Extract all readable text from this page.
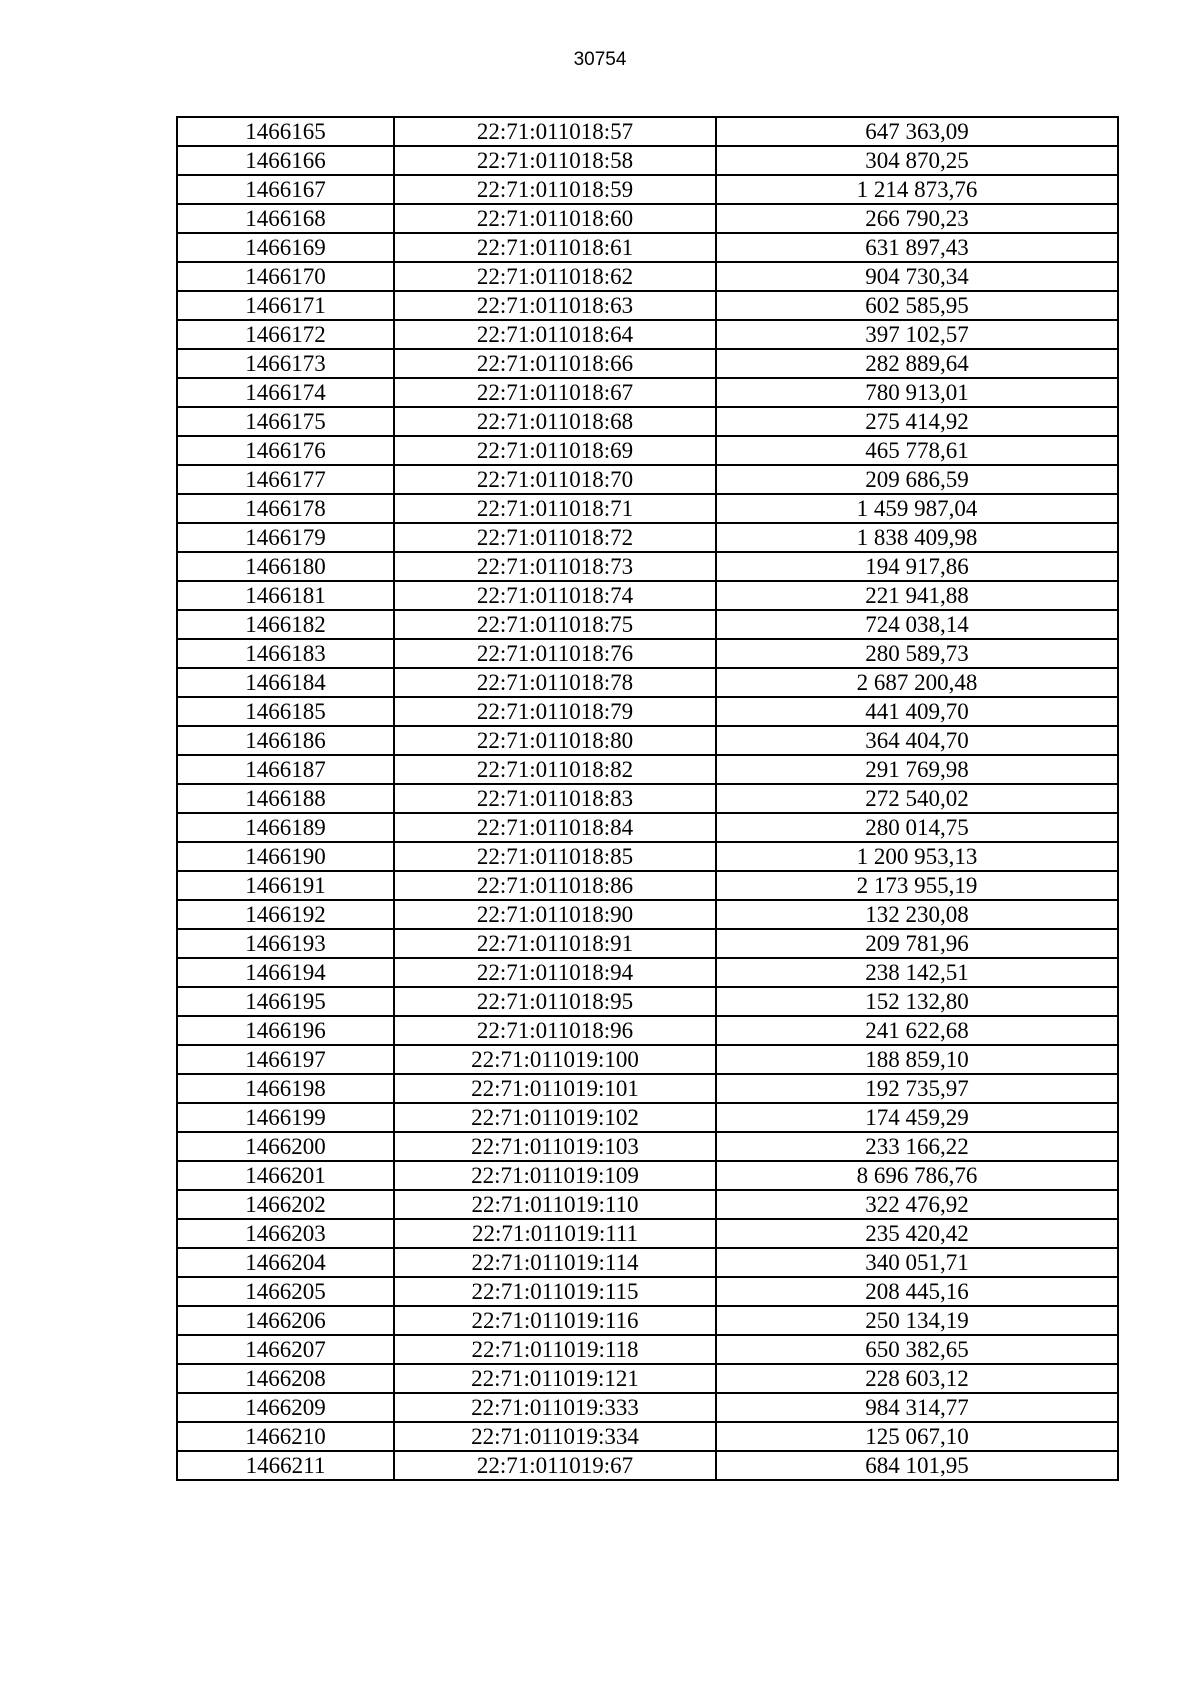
30754
1466165	22:71:011018:57	647 363,09
1466166	22:71:011018:58	304 870,25
1466167	22:71:011018:59	1 214 873,76
1466168	22:71:011018:60	266 790,23
1466169	22:71:011018:61	631 897,43
1466170	22:71:011018:62	904 730,34
1466171	22:71:011018:63	602 585,95
1466172	22:71:011018:64	397 102,57
1466173	22:71:011018:66	282 889,64
1466174	22:71:011018:67	780 913,01
1466175	22:71:011018:68	275 414,92
1466176	22:71:011018:69	465 778,61
1466177	22:71:011018:70	209 686,59
1466178	22:71:011018:71	1 459 987,04
1466179	22:71:011018:72	1 838 409,98
1466180	22:71:011018:73	194 917,86
1466181	22:71:011018:74	221 941,88
1466182	22:71:011018:75	724 038,14
1466183	22:71:011018:76	280 589,73
1466184	22:71:011018:78	2 687 200,48
1466185	22:71:011018:79	441 409,70
1466186	22:71:011018:80	364 404,70
1466187	22:71:011018:82	291 769,98
1466188	22:71:011018:83	272 540,02
1466189	22:71:011018:84	280 014,75
1466190	22:71:011018:85	1 200 953,13
1466191	22:71:011018:86	2 173 955,19
1466192	22:71:011018:90	132 230,08
1466193	22:71:011018:91	209 781,96
1466194	22:71:011018:94	238 142,51
1466195	22:71:011018:95	152 132,80
1466196	22:71:011018:96	241 622,68
1466197	22:71:011019:100	188 859,10
1466198	22:71:011019:101	192 735,97
1466199	22:71:011019:102	174 459,29
1466200	22:71:011019:103	233 166,22
1466201	22:71:011019:109	8 696 786,76
1466202	22:71:011019:110	322 476,92
1466203	22:71:011019:111	235 420,42
1466204	22:71:011019:114	340 051,71
1466205	22:71:011019:115	208 445,16
1466206	22:71:011019:116	250 134,19
1466207	22:71:011019:118	650 382,65
1466208	22:71:011019:121	228 603,12
1466209	22:71:011019:333	984 314,77
1466210	22:71:011019:334	125 067,10
1466211	22:71:011019:67	684 101,95
